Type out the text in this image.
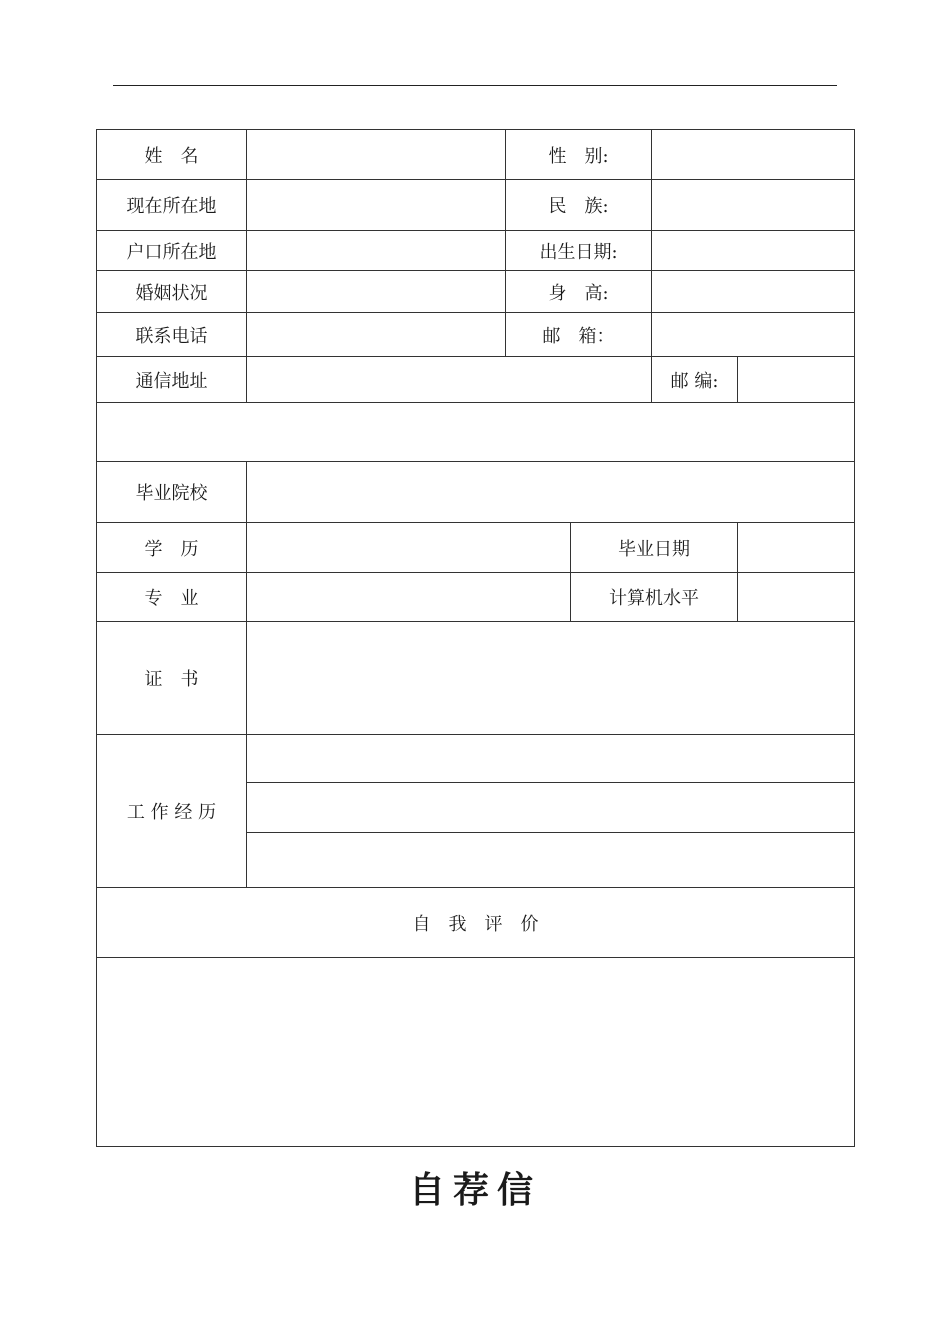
姓　名		性　别:			
现在所在地		民　族:			
户口所在地		出生日期:			
婚姻状况		身　高:			
联系电话		邮　箱：			
通信地址				邮 编:	

毕业院校					
学　历			毕业日期		
专　业			计算机水平		
证　书					
工 作 经 历					

自　我　评　价					

自荐信
